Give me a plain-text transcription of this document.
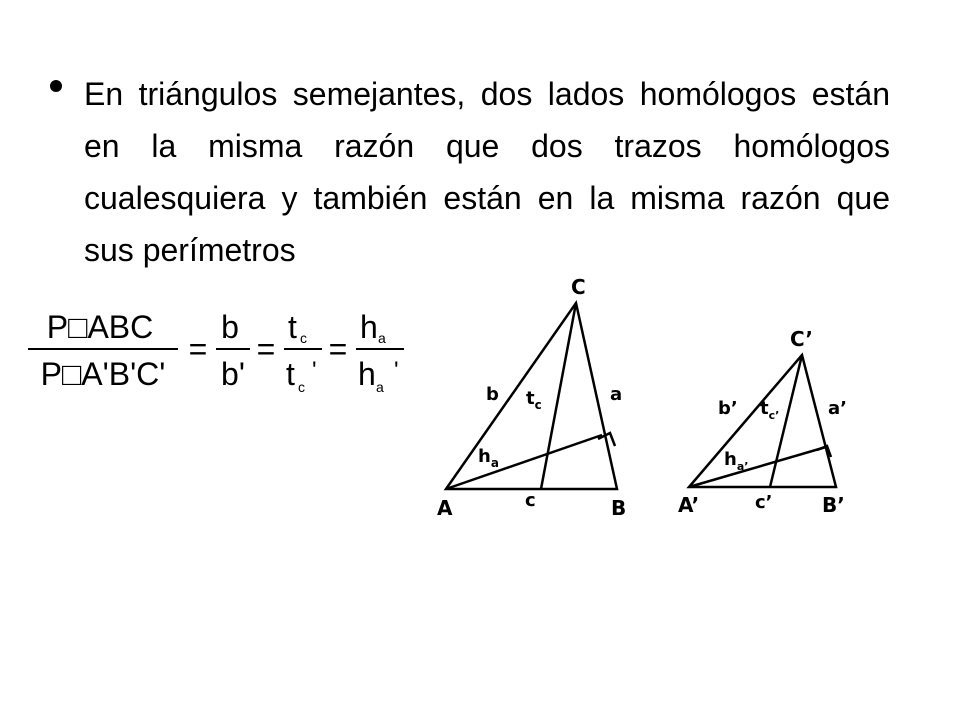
En triángulos semejantes, dos lados homólogos están en la misma razón que dos trazos homólogos cualesquiera y también están en la misma razón que sus perímetros
P□ABC
P□A'B'C'
=
b
b'
=
t c
t c
'
=
h a
h a
'
C
A	B
b	a
c
$t_c$
$h_a$
C’
A’	B’
b’	a’
c’
$t_{c’}$
$h_{a’}$
